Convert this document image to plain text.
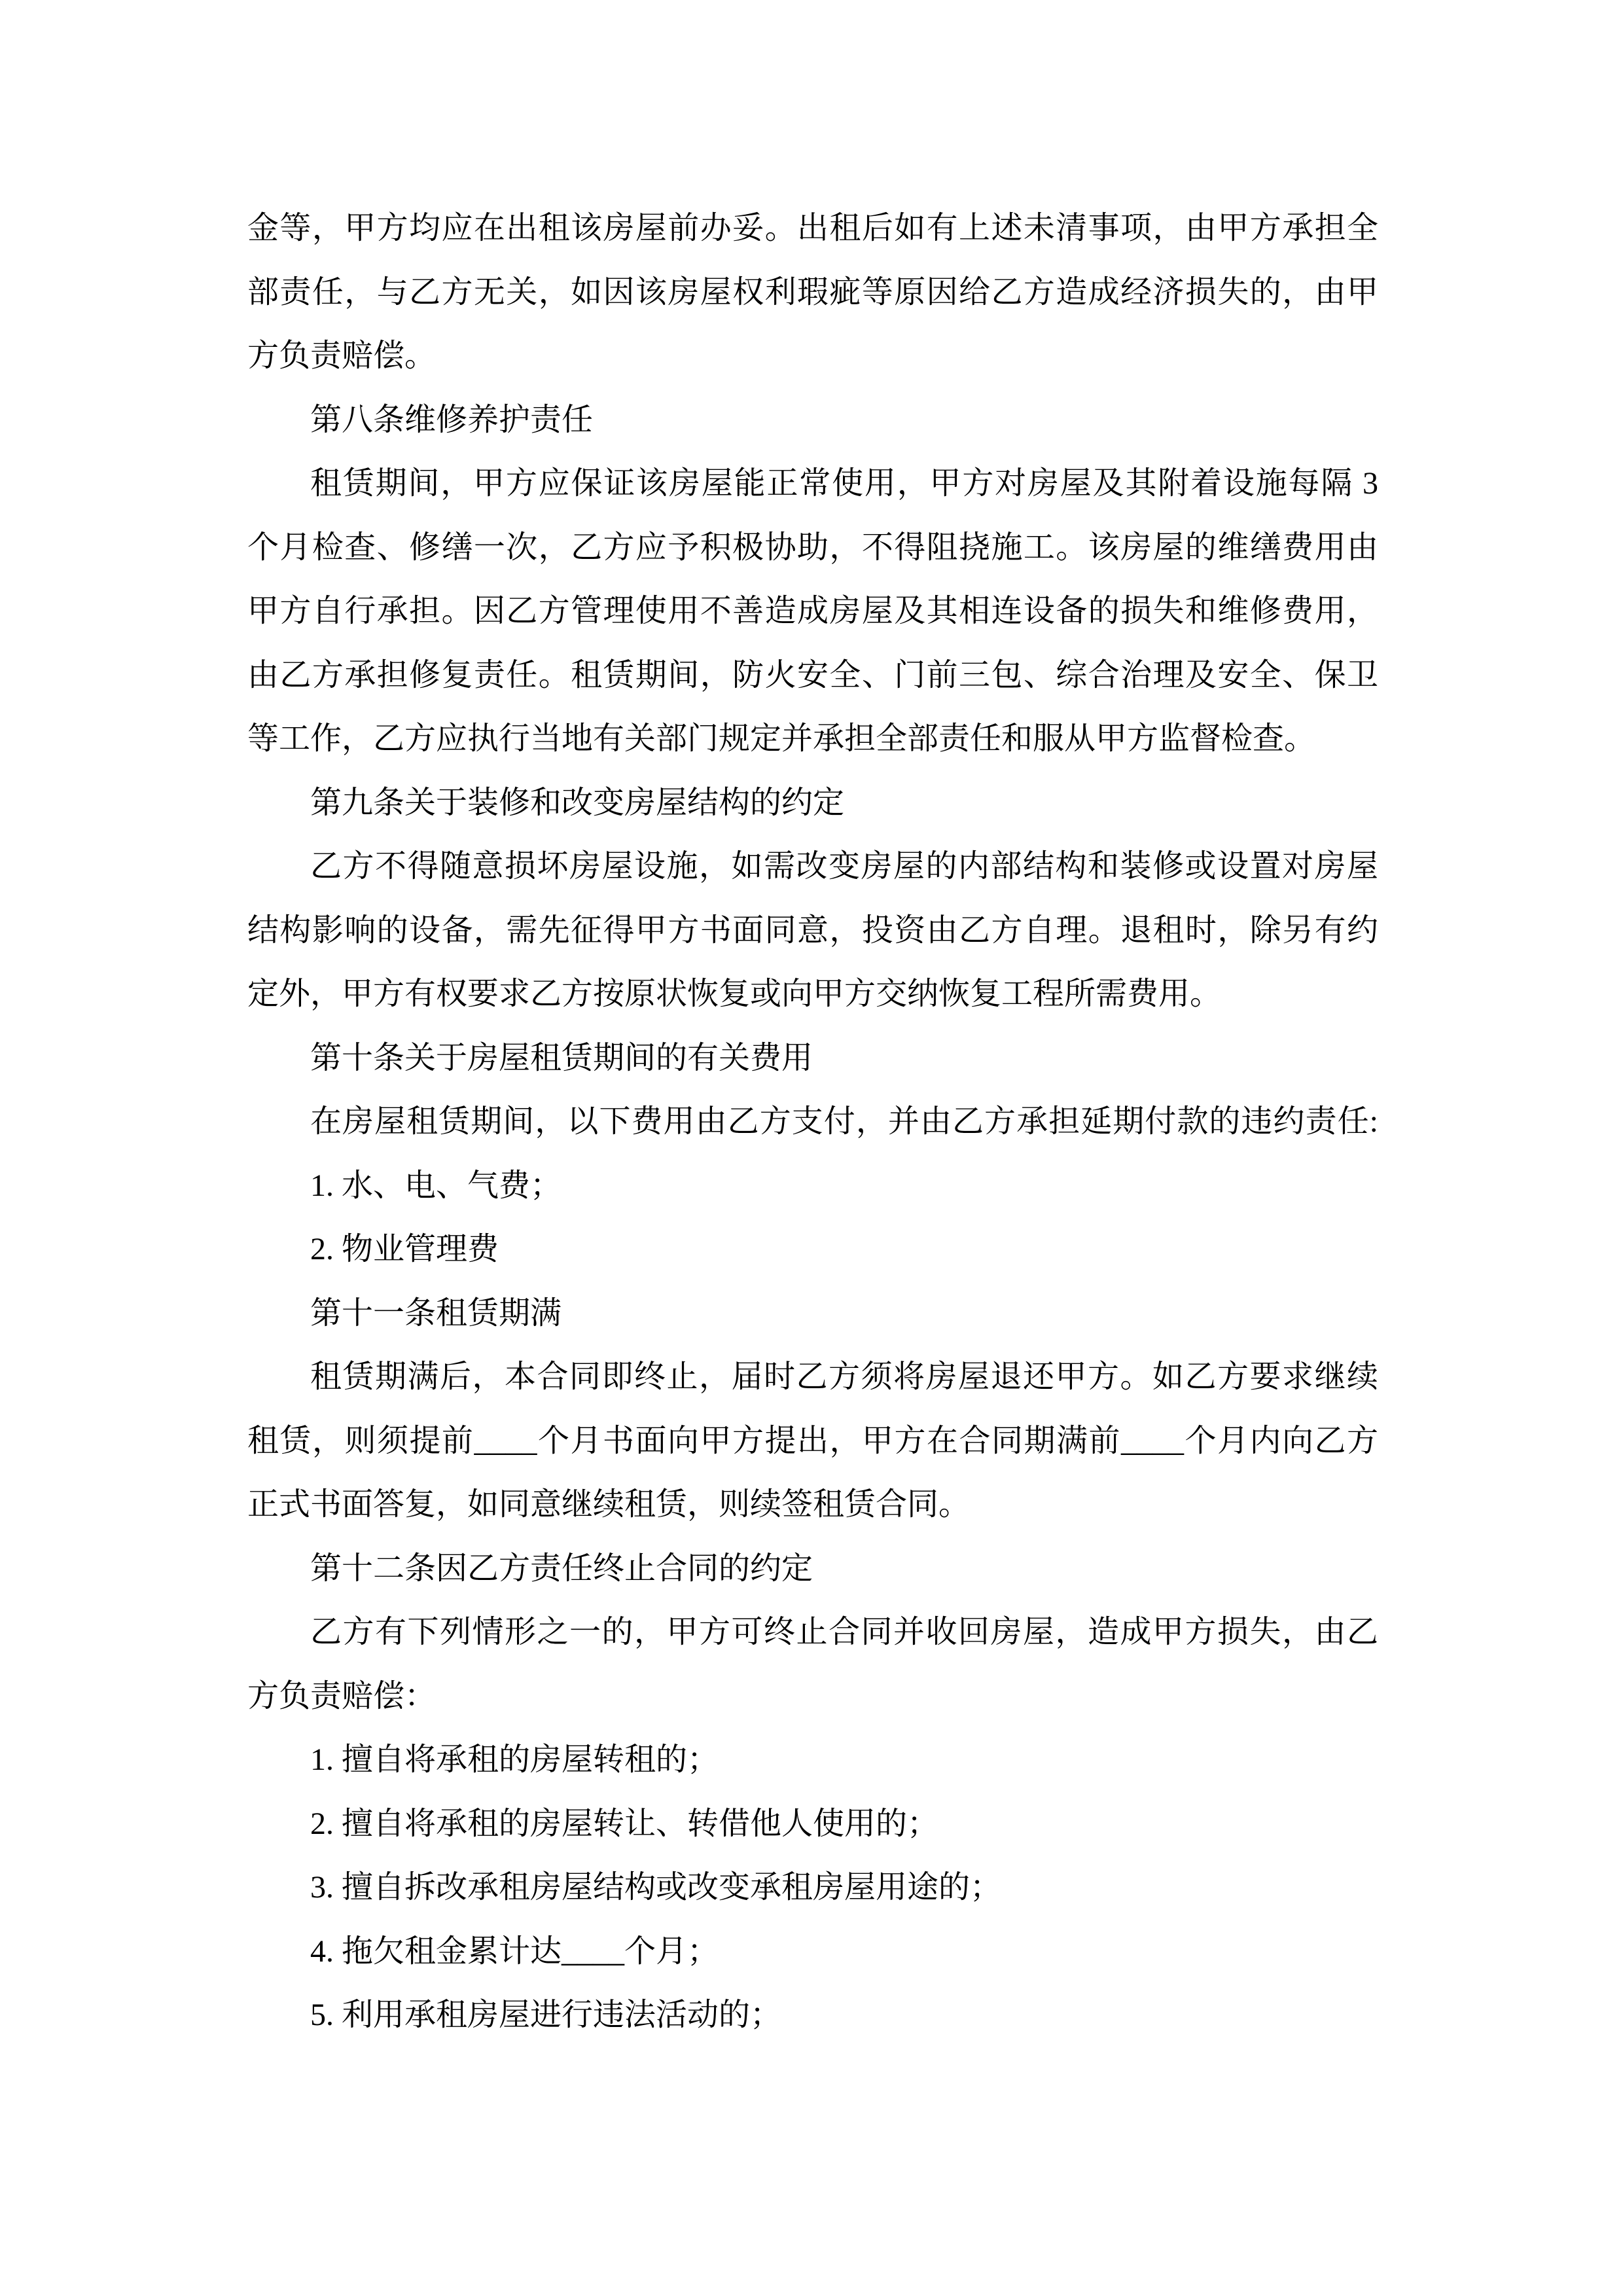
金等，甲方均应在出租该房屋前办妥。出租后如有上述未清事项，由甲方承担全
部责任，与乙方无关，如因该房屋权利瑕疵等原因给乙方造成经济损失的，由甲
方负责赔偿。
第八条维修养护责任
租赁期间，甲方应保证该房屋能正常使用，甲方对房屋及其附着设施每隔 3
个月检查、修缮一次，乙方应予积极协助，不得阻挠施工。该房屋的维缮费用由
甲方自行承担。因乙方管理使用不善造成房屋及其相连设备的损失和维修费用，
由乙方承担修复责任。租赁期间，防火安全、门前三包、综合治理及安全、保卫
等工作，乙方应执行当地有关部门规定并承担全部责任和服从甲方监督检查。
第九条关于装修和改变房屋结构的约定
乙方不得随意损坏房屋设施，如需改变房屋的内部结构和装修或设置对房屋
结构影响的设备，需先征得甲方书面同意，投资由乙方自理。退租时，除另有约
定外，甲方有权要求乙方按原状恢复或向甲方交纳恢复工程所需费用。
第十条关于房屋租赁期间的有关费用
在房屋租赁期间，以下费用由乙方支付，并由乙方承担延期付款的违约责任:
1. 水、电、气费；
2. 物业管理费
第十一条租赁期满
租赁期满后，本合同即终止，届时乙方须将房屋退还甲方。如乙方要求继续
租赁，则须提前____个月书面向甲方提出，甲方在合同期满前____个月内向乙方
正式书面答复，如同意继续租赁，则续签租赁合同。
第十二条因乙方责任终止合同的约定
乙方有下列情形之一的，甲方可终止合同并收回房屋，造成甲方损失，由乙
方负责赔偿：
1. 擅自将承租的房屋转租的；
2. 擅自将承租的房屋转让、转借他人使用的；
3. 擅自拆改承租房屋结构或改变承租房屋用途的；
4. 拖欠租金累计达____个月；
5. 利用承租房屋进行违法活动的；
